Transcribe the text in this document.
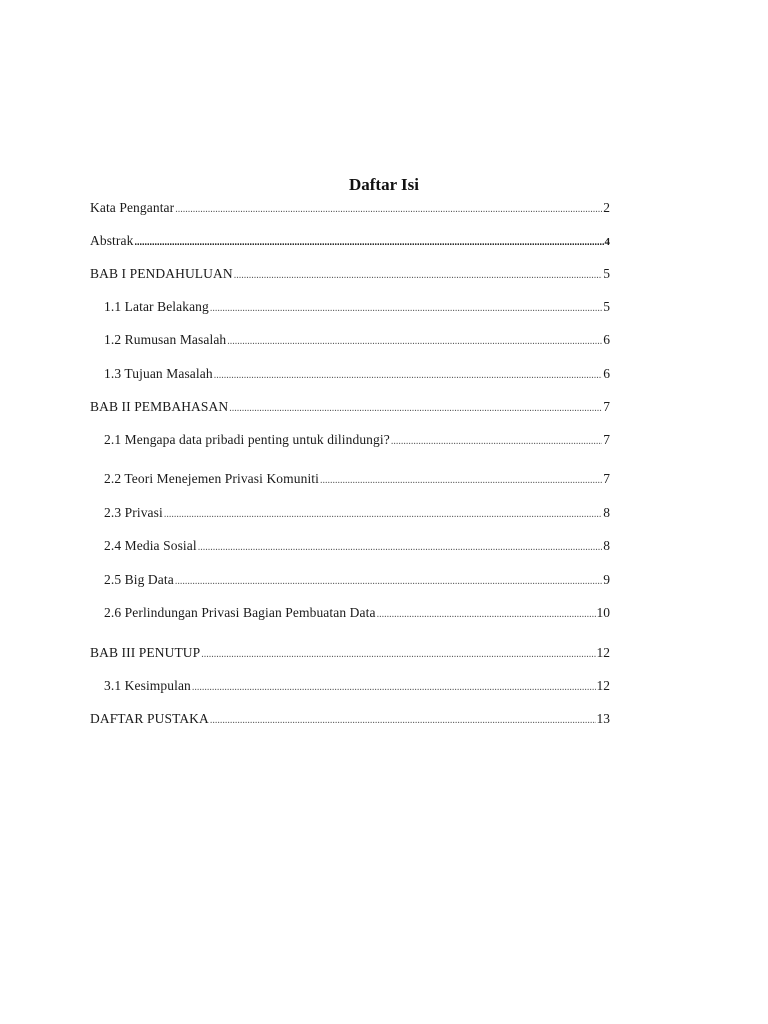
Daftar Isi
Kata Pengantar .....	2
Abstrak .....	4
BAB I PENDAHULUAN .....	5
1.1 Latar Belakang .....	5
1.2 Rumusan Masalah .....	6
1.3 Tujuan Masalah .....	6
BAB II PEMBAHASAN .....	7
2.1 Mengapa data pribadi penting untuk dilindungi? .....	7
2.2 Teori Menejemen Privasi Komuniti .....	7
2.3 Privasi .....	8
2.4 Media Sosial .....	8
2.5 Big Data .....	9
2.6 Perlindungan Privasi Bagian Pembuatan Data .....	10
BAB III PENUTUP .....	12
3.1 Kesimpulan .....	12
DAFTAR PUSTAKA .....	13
